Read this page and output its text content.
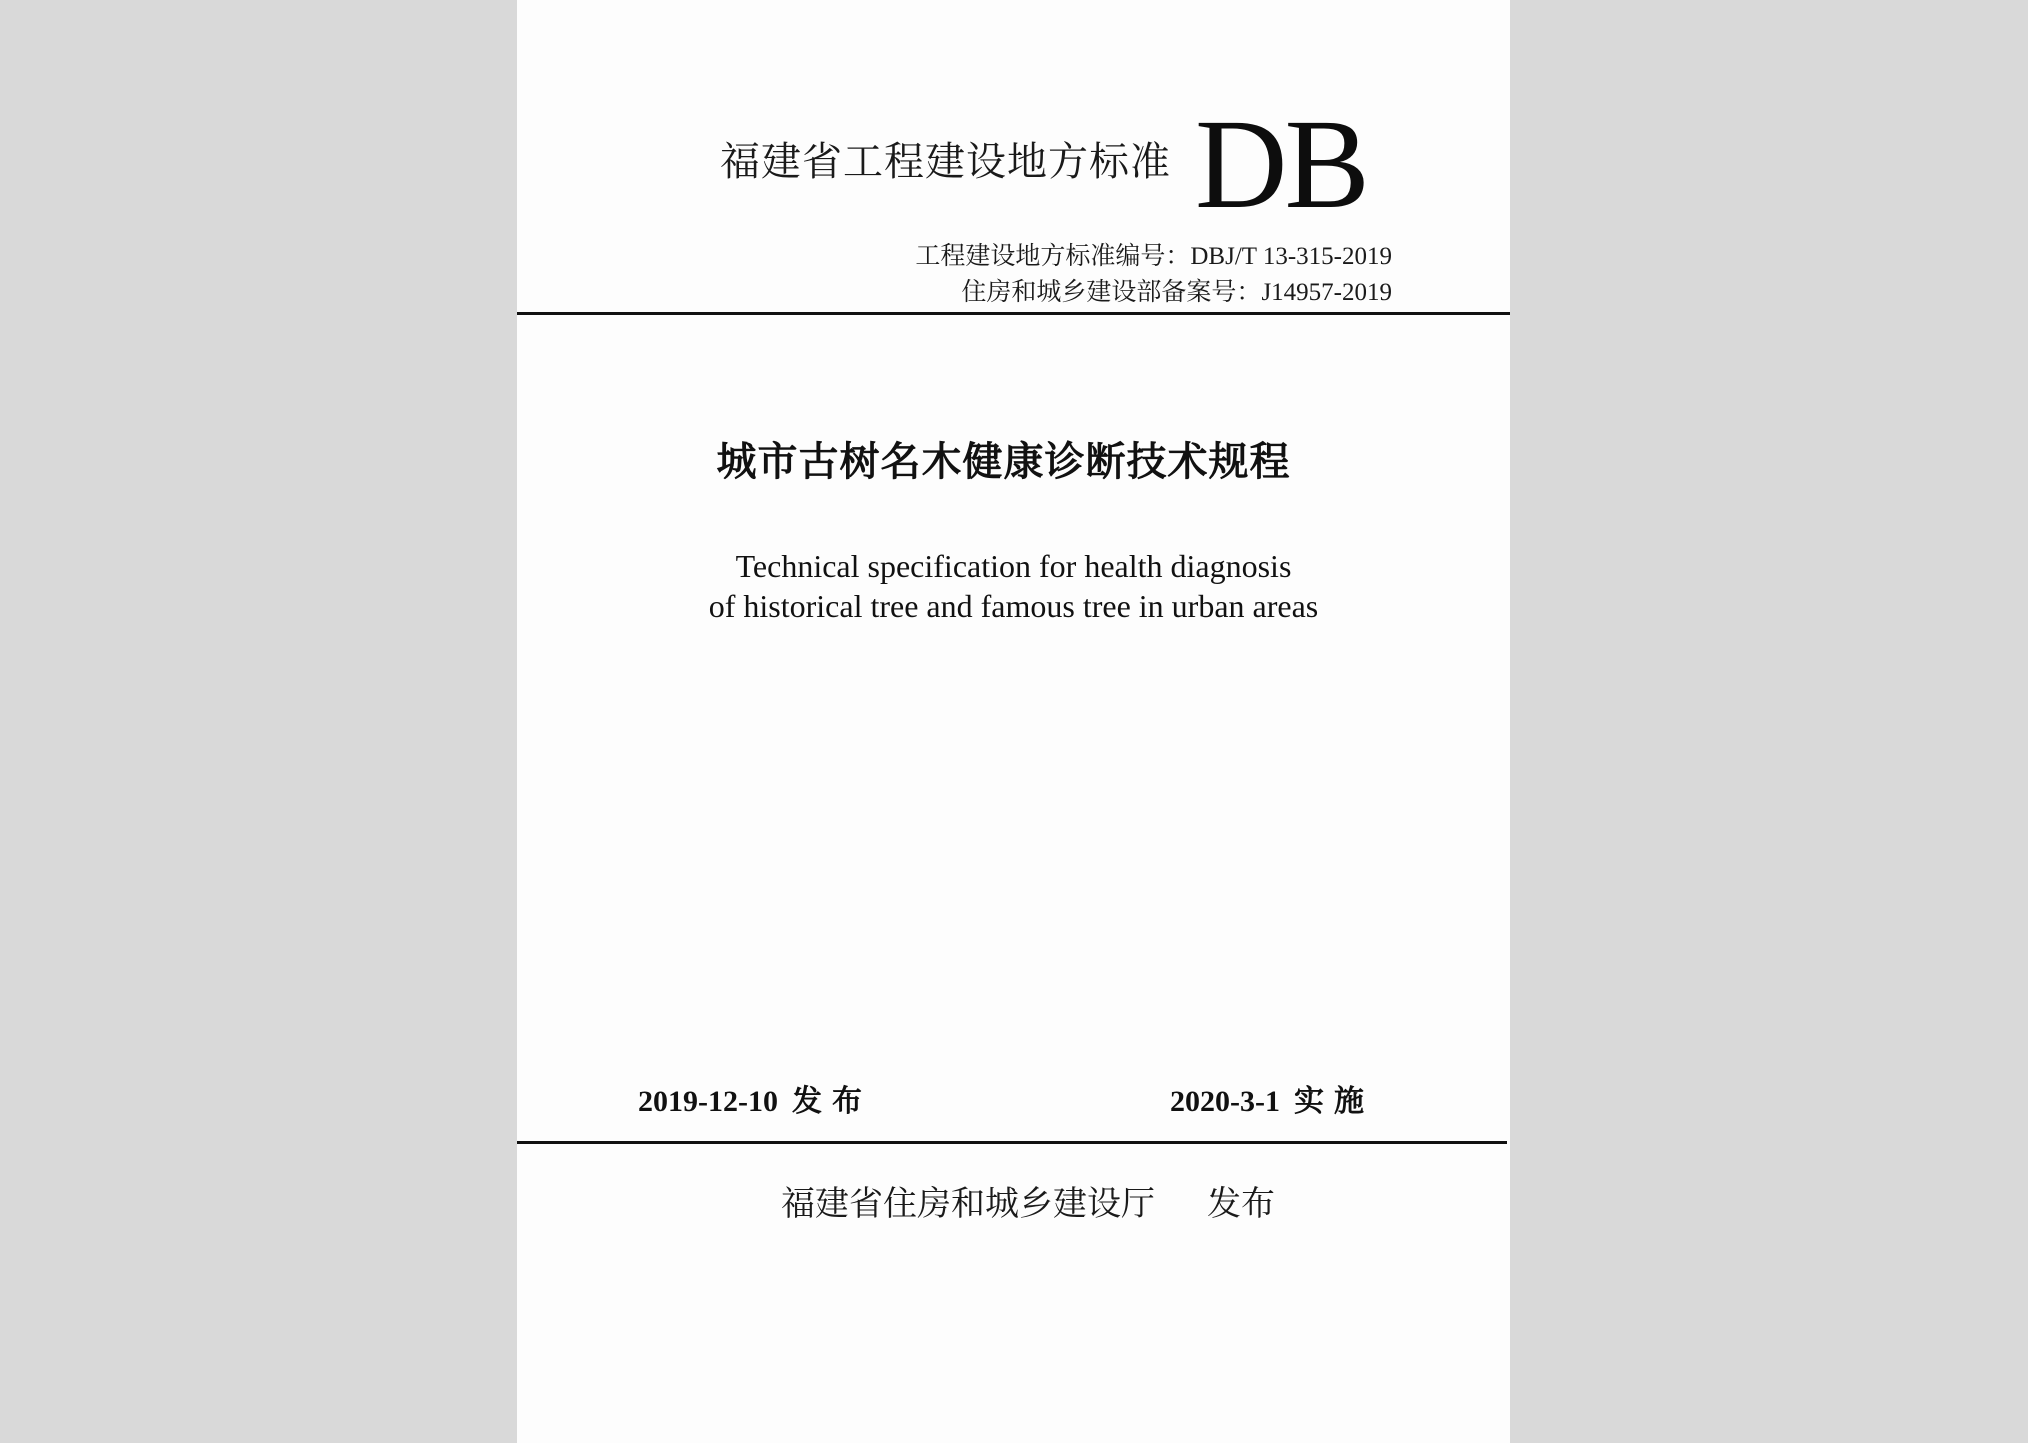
福建省工程建设地方标准 DB
工程建设地方标准编号：DBJ/T 13-315-2019
住房和城乡建设部备案号：J14957-2019
城市古树名木健康诊断技术规程
Technical specification for health diagnosis
of historical tree and famous tree in urban areas
2019-12-10 发布	2020-3-1 实施
福建省住房和城乡建设厅 发布
